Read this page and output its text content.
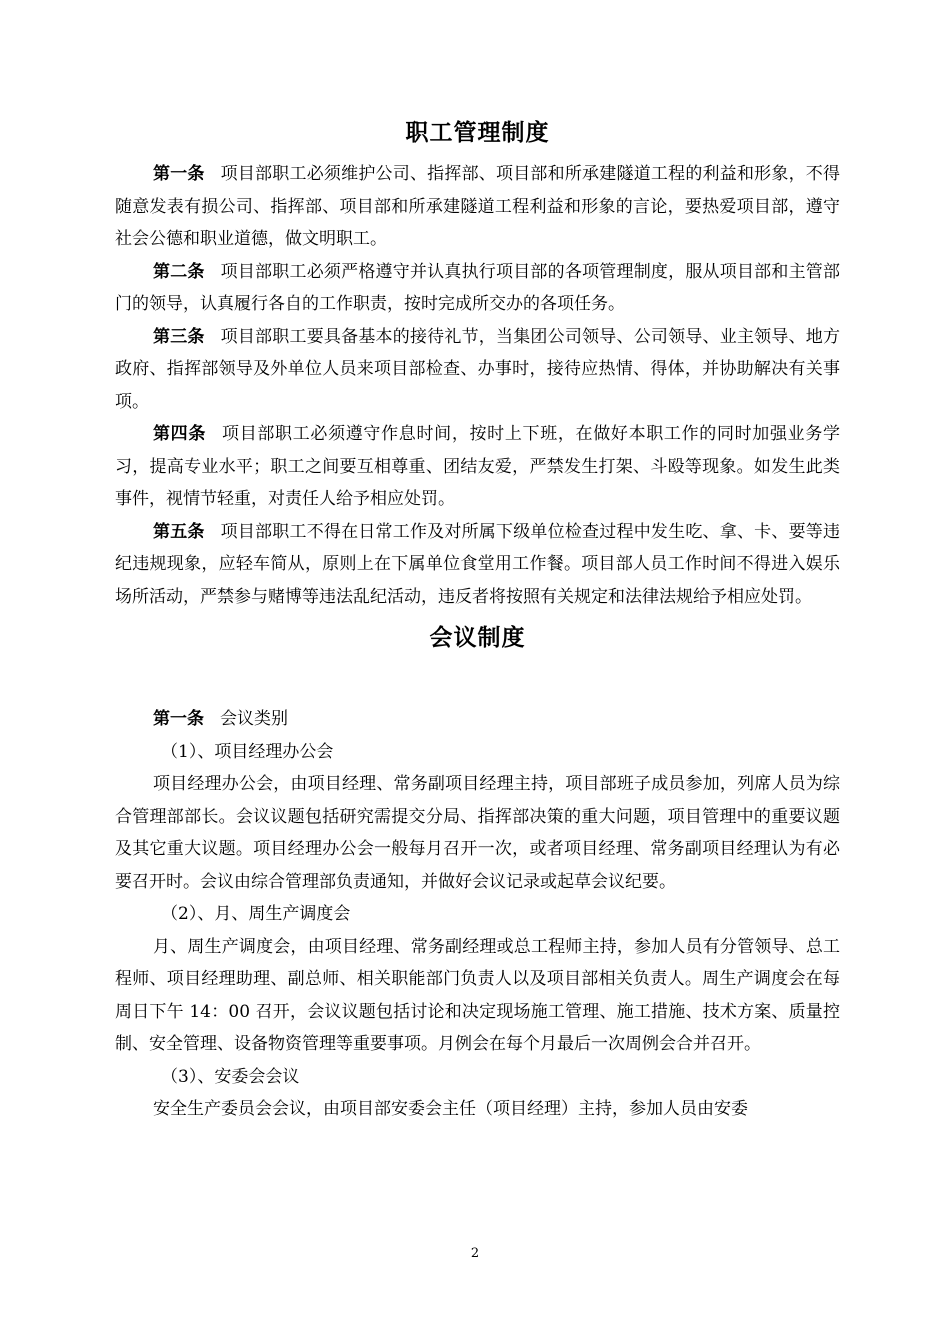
职工管理制度

第一条 项目部职工必须维护公司、指挥部、项目部和所承建隧道工程的利益和形象，不得随意发表有损公司、指挥部、项目部和所承建隧道工程利益和形象的言论，要热爱项目部，遵守社会公德和职业道德，做文明职工。

第二条 项目部职工必须严格遵守并认真执行项目部的各项管理制度，服从项目部和主管部门的领导，认真履行各自的工作职责，按时完成所交办的各项任务。

第三条 项目部职工要具备基本的接待礼节，当集团公司领导、公司领导、业主领导、地方政府、指挥部领导及外单位人员来项目部检查、办事时，接待应热情、得体，并协助解决有关事项。

第四条 项目部职工必须遵守作息时间，按时上下班，在做好本职工作的同时加强业务学习，提高专业水平；职工之间要互相尊重、团结友爱，严禁发生打架、斗殴等现象。如发生此类事件，视情节轻重，对责任人给予相应处罚。

第五条 项目部职工不得在日常工作及对所属下级单位检查过程中发生吃、拿、卡、要等违纪违规现象，应轻车简从，原则上在下属单位食堂用工作餐。项目部人员工作时间不得进入娱乐场所活动，严禁参与赌博等违法乱纪活动，违反者将按照有关规定和法律法规给予相应处罚。

会议制度

第一条 会议类别

（1）、项目经理办公会

项目经理办公会，由项目经理、常务副项目经理主持，项目部班子成员参加，列席人员为综合管理部部长。会议议题包括研究需提交分局、指挥部决策的重大问题，项目管理中的重要议题及其它重大议题。项目经理办公会一般每月召开一次，或者项目经理、常务副项目经理认为有必要召开时。会议由综合管理部负责通知，并做好会议记录或起草会议纪要。

（2）、月、周生产调度会

月、周生产调度会，由项目经理、常务副经理或总工程师主持，参加人员有分管领导、总工程师、项目经理助理、副总师、相关职能部门负责人以及项目部相关负责人。周生产调度会在每周日下午 14：00 召开，会议议题包括讨论和决定现场施工管理、施工措施、技术方案、质量控制、安全管理、设备物资管理等重要事项。月例会在每个月最后一次周例会合并召开。

（3）、安委会会议

安全生产委员会会议，由项目部安委会主任（项目经理）主持，参加人员由安委

2
